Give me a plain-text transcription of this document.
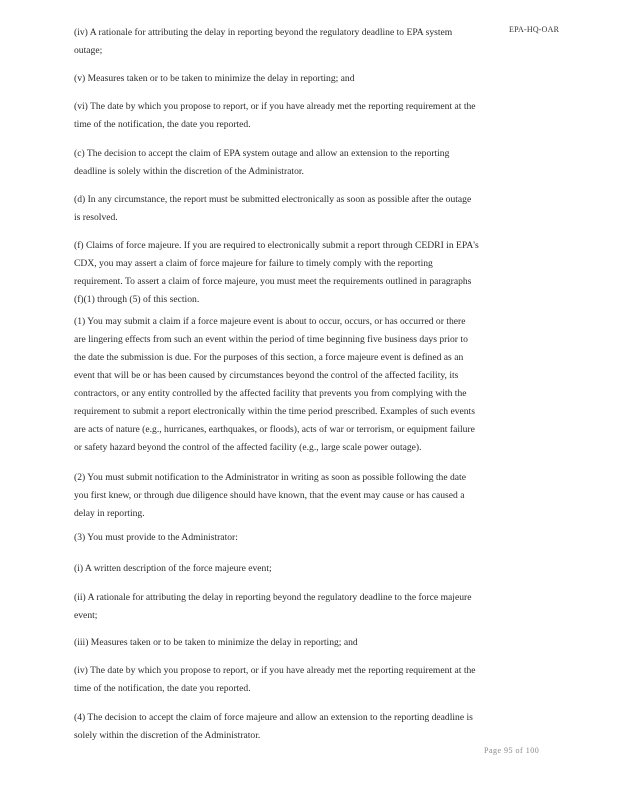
EPA-HQ-OAR

(iv) A rationale for attributing the delay in reporting beyond the regulatory deadline to EPA system outage;

(v) Measures taken or to be taken to minimize the delay in reporting; and

(vi) The date by which you propose to report, or if you have already met the reporting requirement at the time of the notification, the date you reported.

(c) The decision to accept the claim of EPA system outage and allow an extension to the reporting deadline is solely within the discretion of the Administrator.

(d) In any circumstance, the report must be submitted electronically as soon as possible after the outage is resolved.

(f) Claims of force majeure. If you are required to electronically submit a report through CEDRI in EPA's CDX, you may assert a claim of force majeure for failure to timely comply with the reporting requirement. To assert a claim of force majeure, you must meet the requirements outlined in paragraphs (f)(1) through (5) of this section.

(1) You may submit a claim if a force majeure event is about to occur, occurs, or has occurred or there are lingering effects from such an event within the period of time beginning five business days prior to the date the submission is due. For the purposes of this section, a force majeure event is defined as an event that will be or has been caused by circumstances beyond the control of the affected facility, its contractors, or any entity controlled by the affected facility that prevents you from complying with the requirement to submit a report electronically within the time period prescribed. Examples of such events are acts of nature (e.g., hurricanes, earthquakes, or floods), acts of war or terrorism, or equipment failure or safety hazard beyond the control of the affected facility (e.g., large scale power outage).

(2) You must submit notification to the Administrator in writing as soon as possible following the date you first knew, or through due diligence should have known, that the event may cause or has caused a delay in reporting.

(3) You must provide to the Administrator:

(i) A written description of the force majeure event;

(ii) A rationale for attributing the delay in reporting beyond the regulatory deadline to the force majeure event;

(iii) Measures taken or to be taken to minimize the delay in reporting; and

(iv) The date by which you propose to report, or if you have already met the reporting requirement at the time of the notification, the date you reported.

(4) The decision to accept the claim of force majeure and allow an extension to the reporting deadline is solely within the discretion of the Administrator.

Page 95 of 100
